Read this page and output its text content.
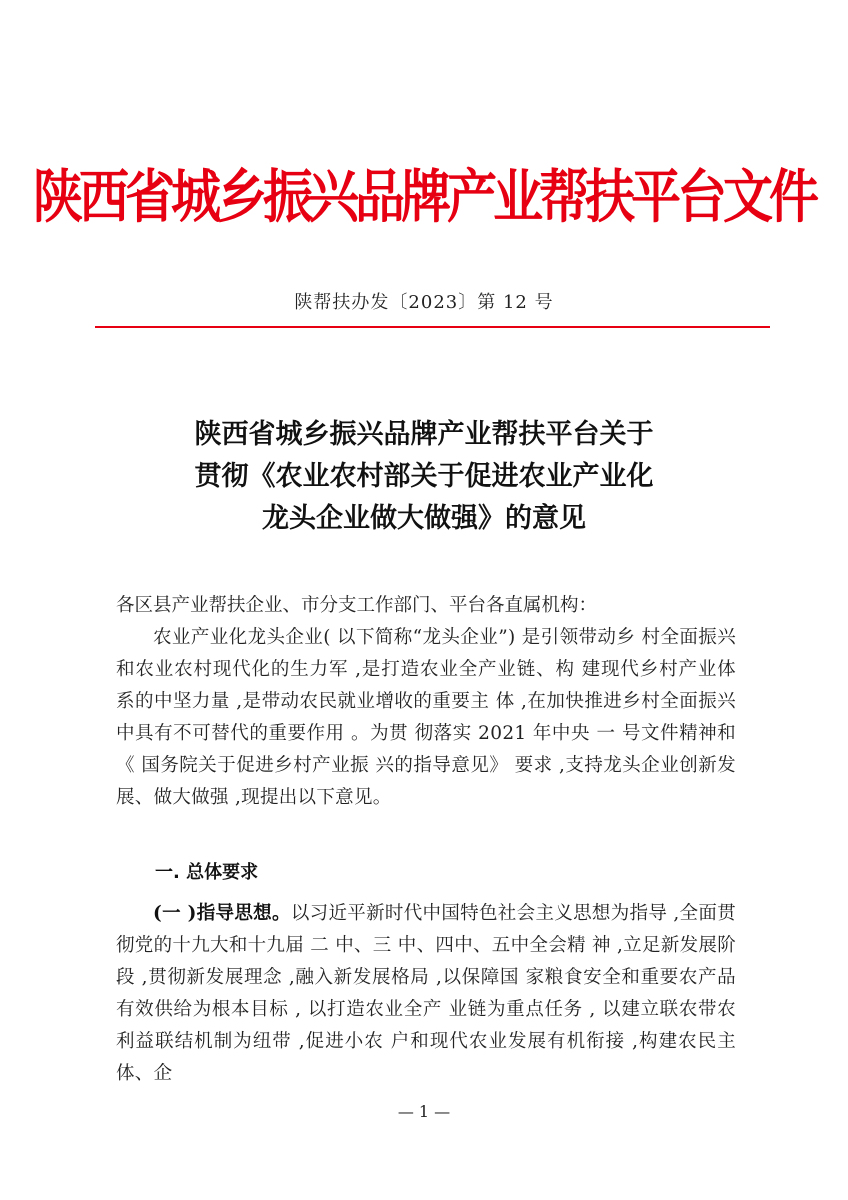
陕西省城乡振兴品牌产业帮扶平台文件
陕帮扶办发〔2023〕第 12 号
陕西省城乡振兴品牌产业帮扶平台关于
贯彻《农业农村部关于促进农业产业化
龙头企业做大做强》的意见
各区县产业帮扶企业、市分支工作部门、平台各直属机构：
农业产业化龙头企业( 以下简称“龙头企业”) 是引领带动乡 村全面振兴和农业农村现代化的生力军 ,是打造农业全产业链、构 建现代乡村产业体系的中坚力量 ,是带动农民就业增收的重要主 体 ,在加快推进乡村全面振兴中具有不可替代的重要作用 。为贯 彻落实 2021 年中央 一 号文件精神和《 国务院关于促进乡村产业振 兴的指导意见》 要求 ,支持龙头企业创新发展、做大做强 ,现提出以下意见。
一. 总体要求
(一 )指导思想。以习近平新时代中国特色社会主义思想为指导 ,全面贯彻党的十九大和十九届 二 中、三 中、四中、五中全会精 神 ,立足新发展阶段 ,贯彻新发展理念 ,融入新发展格局 ,以保障国 家粮食安全和重要农产品有效供给为根本目标 , 以打造农业全产 业链为重点任务 , 以建立联农带农利益联结机制为纽带 ,促进小农 户和现代农业发展有机衔接 ,构建农民主体、企
— 1 —
